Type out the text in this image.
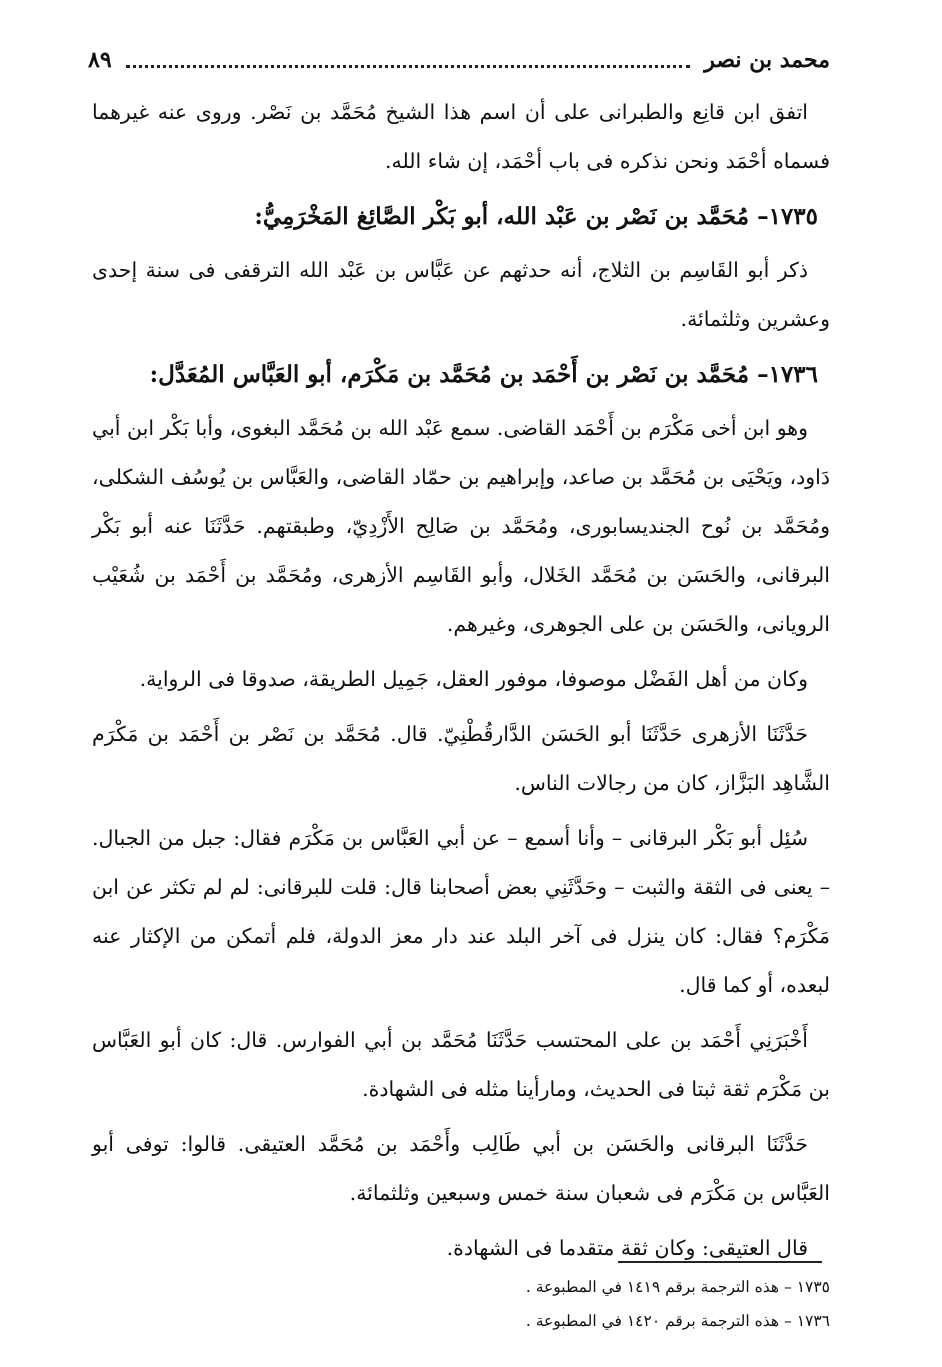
محمد بن نصر
٨٩

اتفق ابن قانِع والطبرانى على أن اسم هذا الشيخ مُحَمَّد بن نَصْر. وروى عنه غيرهما فسماه أحْمَد ونحن نذكره فى باب أحْمَد، إن شاء الله.

١٧٣٥– مُحَمَّد بن نَصْر بن عَبْد الله، أبو بَكْر الصَّائِغ المَخْرَمِيُّ:

ذكر أبو القَاسِم بن الثلاج، أنه حدثهم عن عَبَّاس بن عَبْد الله الترقفى فى سنة إحدى وعشرين وثلثمائة.

١٧٣٦– مُحَمَّد بن نَصْر بن أَحْمَد بن مُحَمَّد بن مَكْرَم، أبو العَبَّاس المُعَدَّل:

وهو ابن أخى مَكْرَم بن أَحْمَد القاضى. سمع عَبْد الله بن مُحَمَّد البغوى، وأبا بَكْر ابن أبي دَاود، ويَحْيَى بن مُحَمَّد بن صاعد، وإبراهيم بن حمّاد القاضى، والعَبَّاس بن يُوسُف الشكلى، ومُحَمَّد بن نُوح الجنديسابورى، ومُحَمَّد بن صَالِح الأَزْدِيّ، وطبقتهم. حَدَّثَنَا عنه أبو بَكْر البرقانى، والحَسَن بن مُحَمَّد الخَلال، وأبو القَاسِم الأزهرى، ومُحَمَّد بن أَحْمَد بن شُعَيْب الرويانى، والحَسَن بن على الجوهرى، وغيرهم.

وكان من أهل الفَضْل موصوفا، موفور العقل، جَمِيل الطريقة، صدوقا فى الرواية.

حَدَّثَنَا الأزهرى حَدَّثَنَا أبو الحَسَن الدَّارقُطْنِيّ. قال. مُحَمَّد بن نَصْر بن أَحْمَد بن مَكْرَم الشَّاهِد البَزَّاز، كان من رجالات الناس.

سُئِل أبو بَكْر البرقانى – وأنا أسمع – عن أبي العَبَّاس بن مَكْرَم فقال: جبل من الجبال. – يعنى فى الثقة والثبت – وحَدَّثَنِي بعض أصحابنا قال: قلت للبرقانى: لم لم تكثر عن ابن مَكْرَم؟ فقال: كان ينزل فى آخر البلد عند دار معز الدولة، فلم أتمكن من الإكثار عنه لبعده، أو كما قال.

أَخْبَرَنِي أَحْمَد بن على المحتسب حَدَّثَنَا مُحَمَّد بن أبي الفوارس. قال: كان أبو العَبَّاس بن مَكْرَم ثقة ثبتا فى الحديث، ومارأينا مثله فى الشهادة.

حَدَّثَنَا البرقانى والحَسَن بن أبي طَالِب وأَحْمَد بن مُحَمَّد العتيقى. قالوا: توفى أبو العَبَّاس بن مَكْرَم فى شعبان سنة خمس وسبعين وثلثمائة.

قال العتيقى: وكان ثقة متقدما فى الشهادة.

١٧٣٥ – هذه الترجمة برقم ١٤١٩ في المطبوعة .

١٧٣٦ – هذه الترجمة برقم ١٤٢٠ في المطبوعة .
